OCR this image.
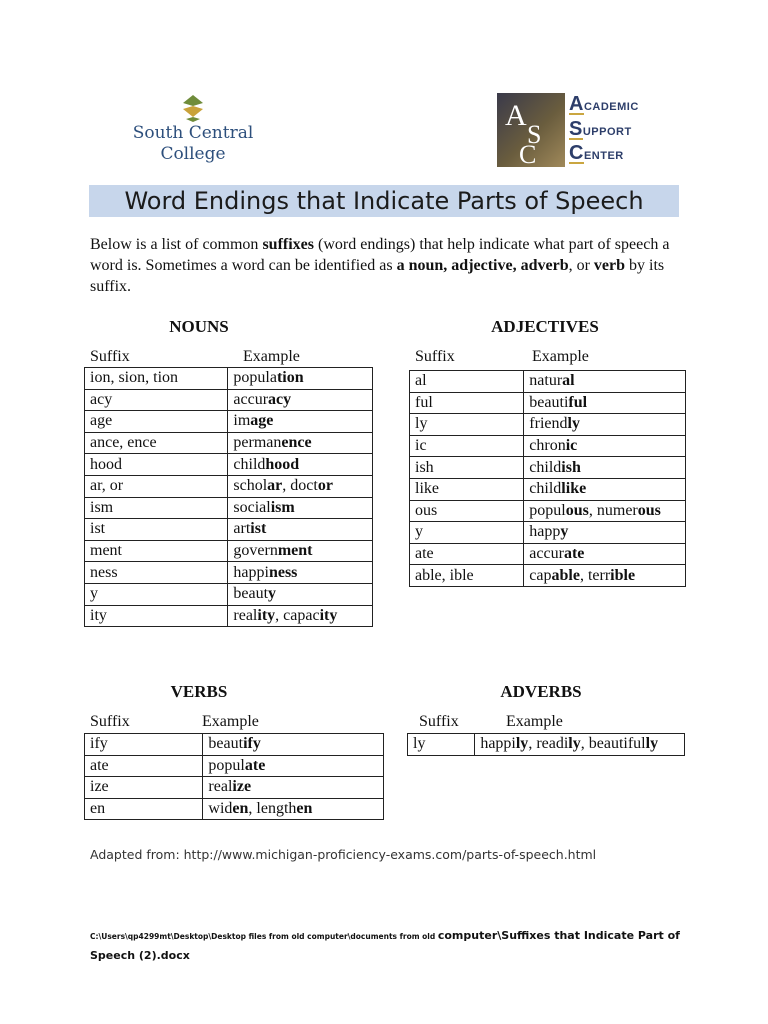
South Central
College
A
S
C
ACADEMIC
SUPPORT
CENTER
Word Endings that Indicate Parts of Speech
Below is a list of common suffixes (word endings) that help indicate what part of speech a word is. Sometimes a word can be identified as a noun, adjective, adverb, or verb by its suffix.
NOUNS
Suffix	Example
ion, sion, tion	population
acy	accuracy
age	image
ance, ence	permanence
hood	childhood
ar, or	scholar, doctor
ism	socialism
ist	artist
ment	government
ness	happiness
y	beauty
ity	reality, capacity
ADJECTIVES
Suffix	Example
al	natural
ful	beautiful
ly	friendly
ic	chronic
ish	childish
like	childlike
ous	populous, numerous
y	happy
ate	accurate
able, ible	capable, terrible
VERBS
Suffix	Example
ify	beautify
ate	populate
ize	realize
en	widen, lengthen
ADVERBS
Suffix	Example
ly	happily, readily, beautifully
Adapted from: http://www.michigan-proficiency-exams.com/parts-of-speech.html
C:\Users\qp4299mt\Desktop\Desktop files from old computer\documents from old computer\Suffixes that Indicate Part of Speech (2).docx
